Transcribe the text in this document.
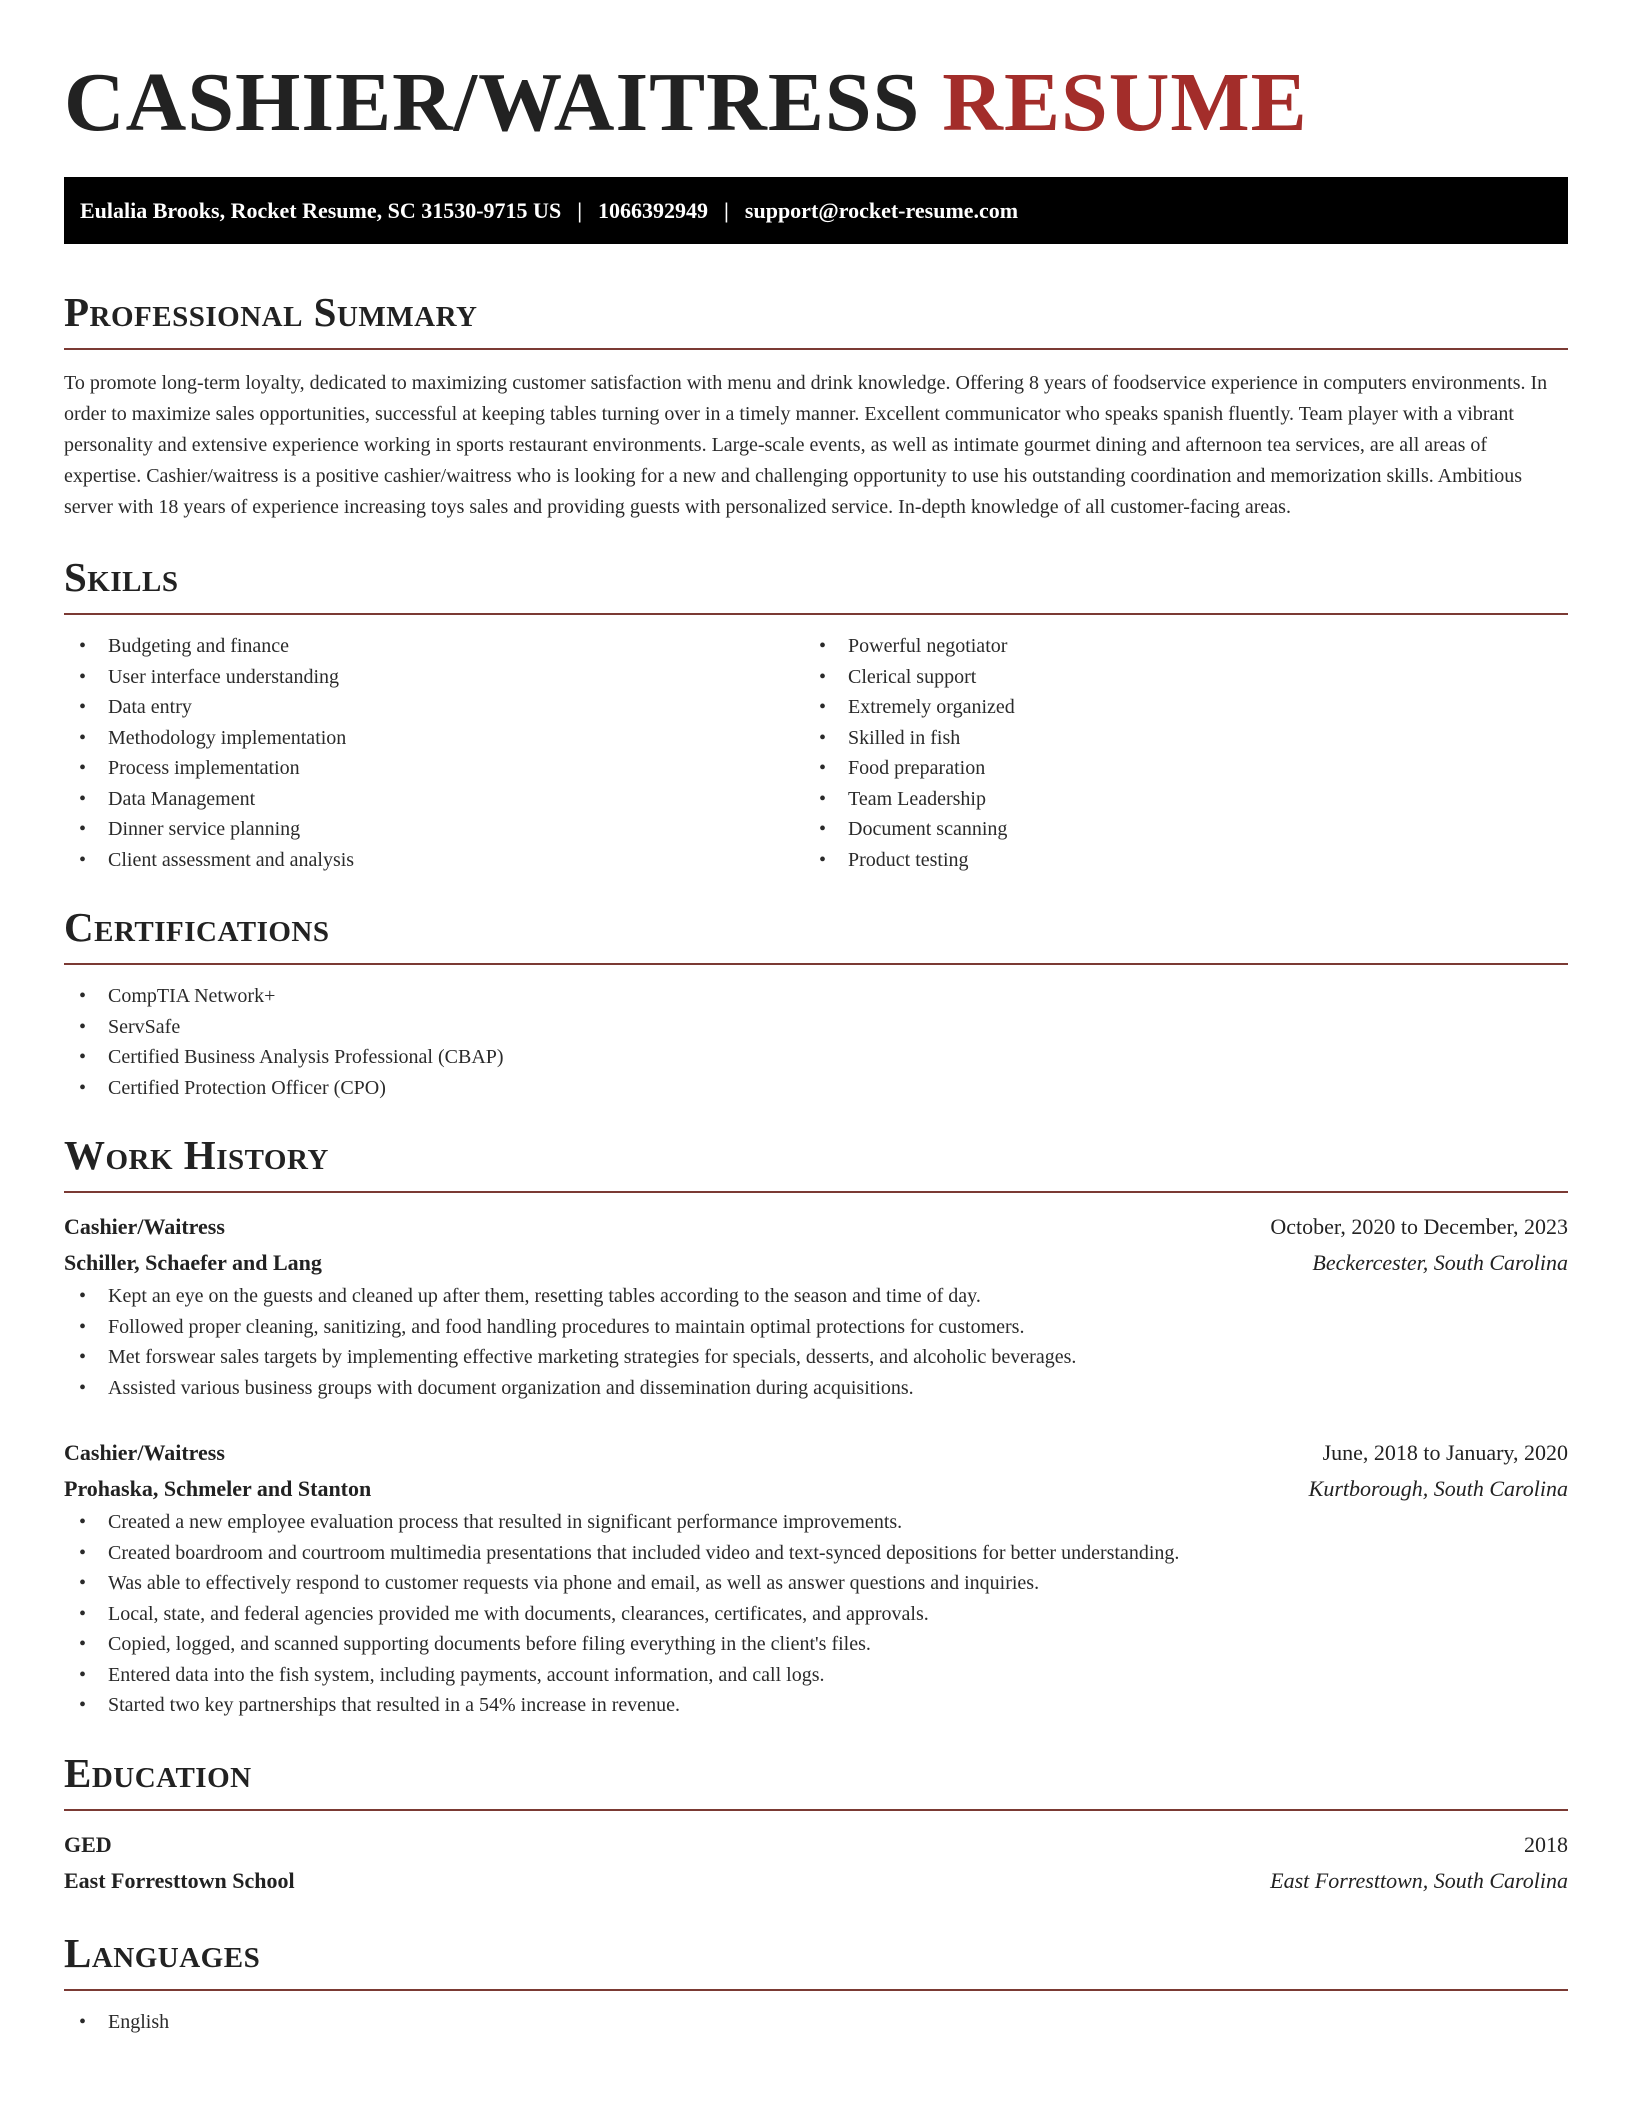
CASHIER/WAITRESS RESUME
Eulalia Brooks, Rocket Resume, SC 31530-9715 US | 1066392949 | support@rocket-resume.com
Professional Summary

To promote long-term loyalty, dedicated to maximizing customer satisfaction with menu and drink knowledge. Offering 8 years of foodservice experience in computers environments. In order to maximize sales opportunities, successful at keeping tables turning over in a timely manner. Excellent communicator who speaks spanish fluently. Team player with a vibrant personality and extensive experience working in sports restaurant environments. Large-scale events, as well as intimate gourmet dining and afternoon tea services, are all areas of expertise. Cashier/waitress is a positive cashier/waitress who is looking for a new and challenging opportunity to use his outstanding coordination and memorization skills. Ambitious server with 18 years of experience increasing toys sales and providing guests with personalized service. In-depth knowledge of all customer-facing areas.

Skills
• Budgeting and finance
• User interface understanding
• Data entry
• Methodology implementation
• Process implementation
• Data Management
• Dinner service planning
• Client assessment and analysis
• Powerful negotiator
• Clerical support
• Extremely organized
• Skilled in fish
• Food preparation
• Team Leadership
• Document scanning
• Product testing
Certifications
• CompTIA Network+
• ServSafe
• Certified Business Analysis Professional (CBAP)
• Certified Protection Officer (CPO)
Work History
Cashier/Waitress	October, 2020 to December, 2023
Schiller, Schaefer and Lang	Beckercester, South Carolina
• Kept an eye on the guests and cleaned up after them, resetting tables according to the season and time of day.
• Followed proper cleaning, sanitizing, and food handling procedures to maintain optimal protections for customers.
• Met forswear sales targets by implementing effective marketing strategies for specials, desserts, and alcoholic beverages.
• Assisted various business groups with document organization and dissemination during acquisitions.
Cashier/Waitress	June, 2018 to January, 2020
Prohaska, Schmeler and Stanton	Kurtborough, South Carolina
• Created a new employee evaluation process that resulted in significant performance improvements.
• Created boardroom and courtroom multimedia presentations that included video and text-synced depositions for better understanding.
• Was able to effectively respond to customer requests via phone and email, as well as answer questions and inquiries.
• Local, state, and federal agencies provided me with documents, clearances, certificates, and approvals.
• Copied, logged, and scanned supporting documents before filing everything in the client's files.
• Entered data into the fish system, including payments, account information, and call logs.
• Started two key partnerships that resulted in a 54% increase in revenue.
Education
GED	2018
East Forresttown School	East Forresttown, South Carolina
Languages
• English
